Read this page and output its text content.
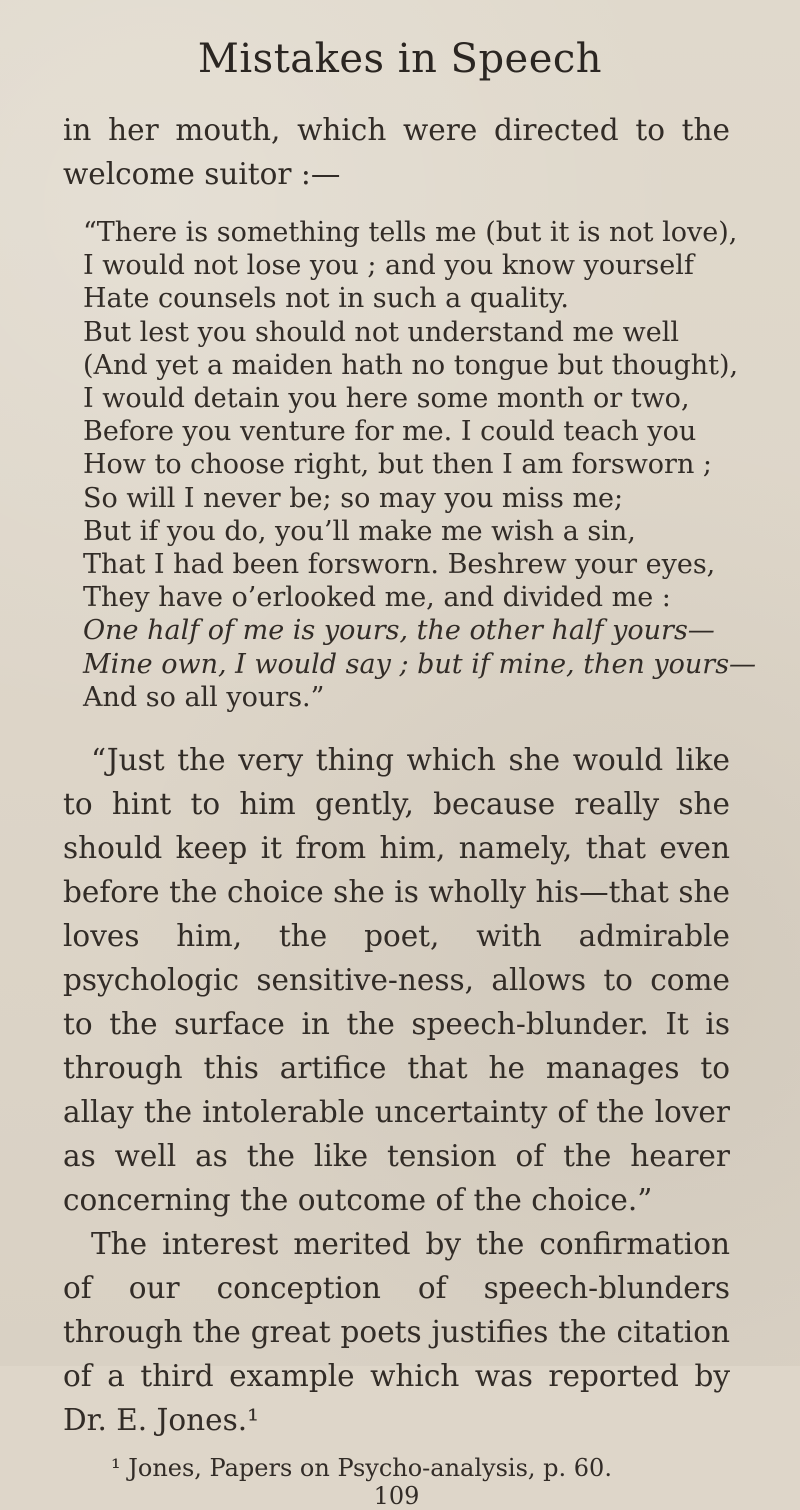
Mistakes in Speech

in her mouth, which were directed to the welcome suitor :—

“There is something tells me (but it is not love),
I would not lose you ; and you know yourself
Hate counsels not in such a quality.
But lest you should not understand me well
(And yet a maiden hath no tongue but thought),
I would detain you here some month or two,
Before you venture for me. I could teach you
How to choose right, but then I am forsworn ;
So will I never be; so may you miss me;
But if you do, you’ll make me wish a sin,
That I had been forsworn. Beshrew your eyes,
They have o’erlooked me, and divided me :
One half of me is yours, the other half yours—
Mine own, I would say ; but if mine, then yours—
And so all yours.”

“Just the very thing which she would like to hint to him gently, because really she should keep it from him, namely, that even before the choice she is wholly his—that she loves him, the poet, with admirable psychologic sensitive-ness, allows to come to the surface in the speech-blunder. It is through this artifice that he manages to allay the intolerable uncertainty of the lover as well as the like tension of the hearer concerning the outcome of the choice.”

The interest merited by the confirmation of our conception of speech-blunders through the great poets justifies the citation of a third example which was reported by Dr. E. Jones.¹

¹ Jones, Papers on Psycho-analysis, p. 60.
109
